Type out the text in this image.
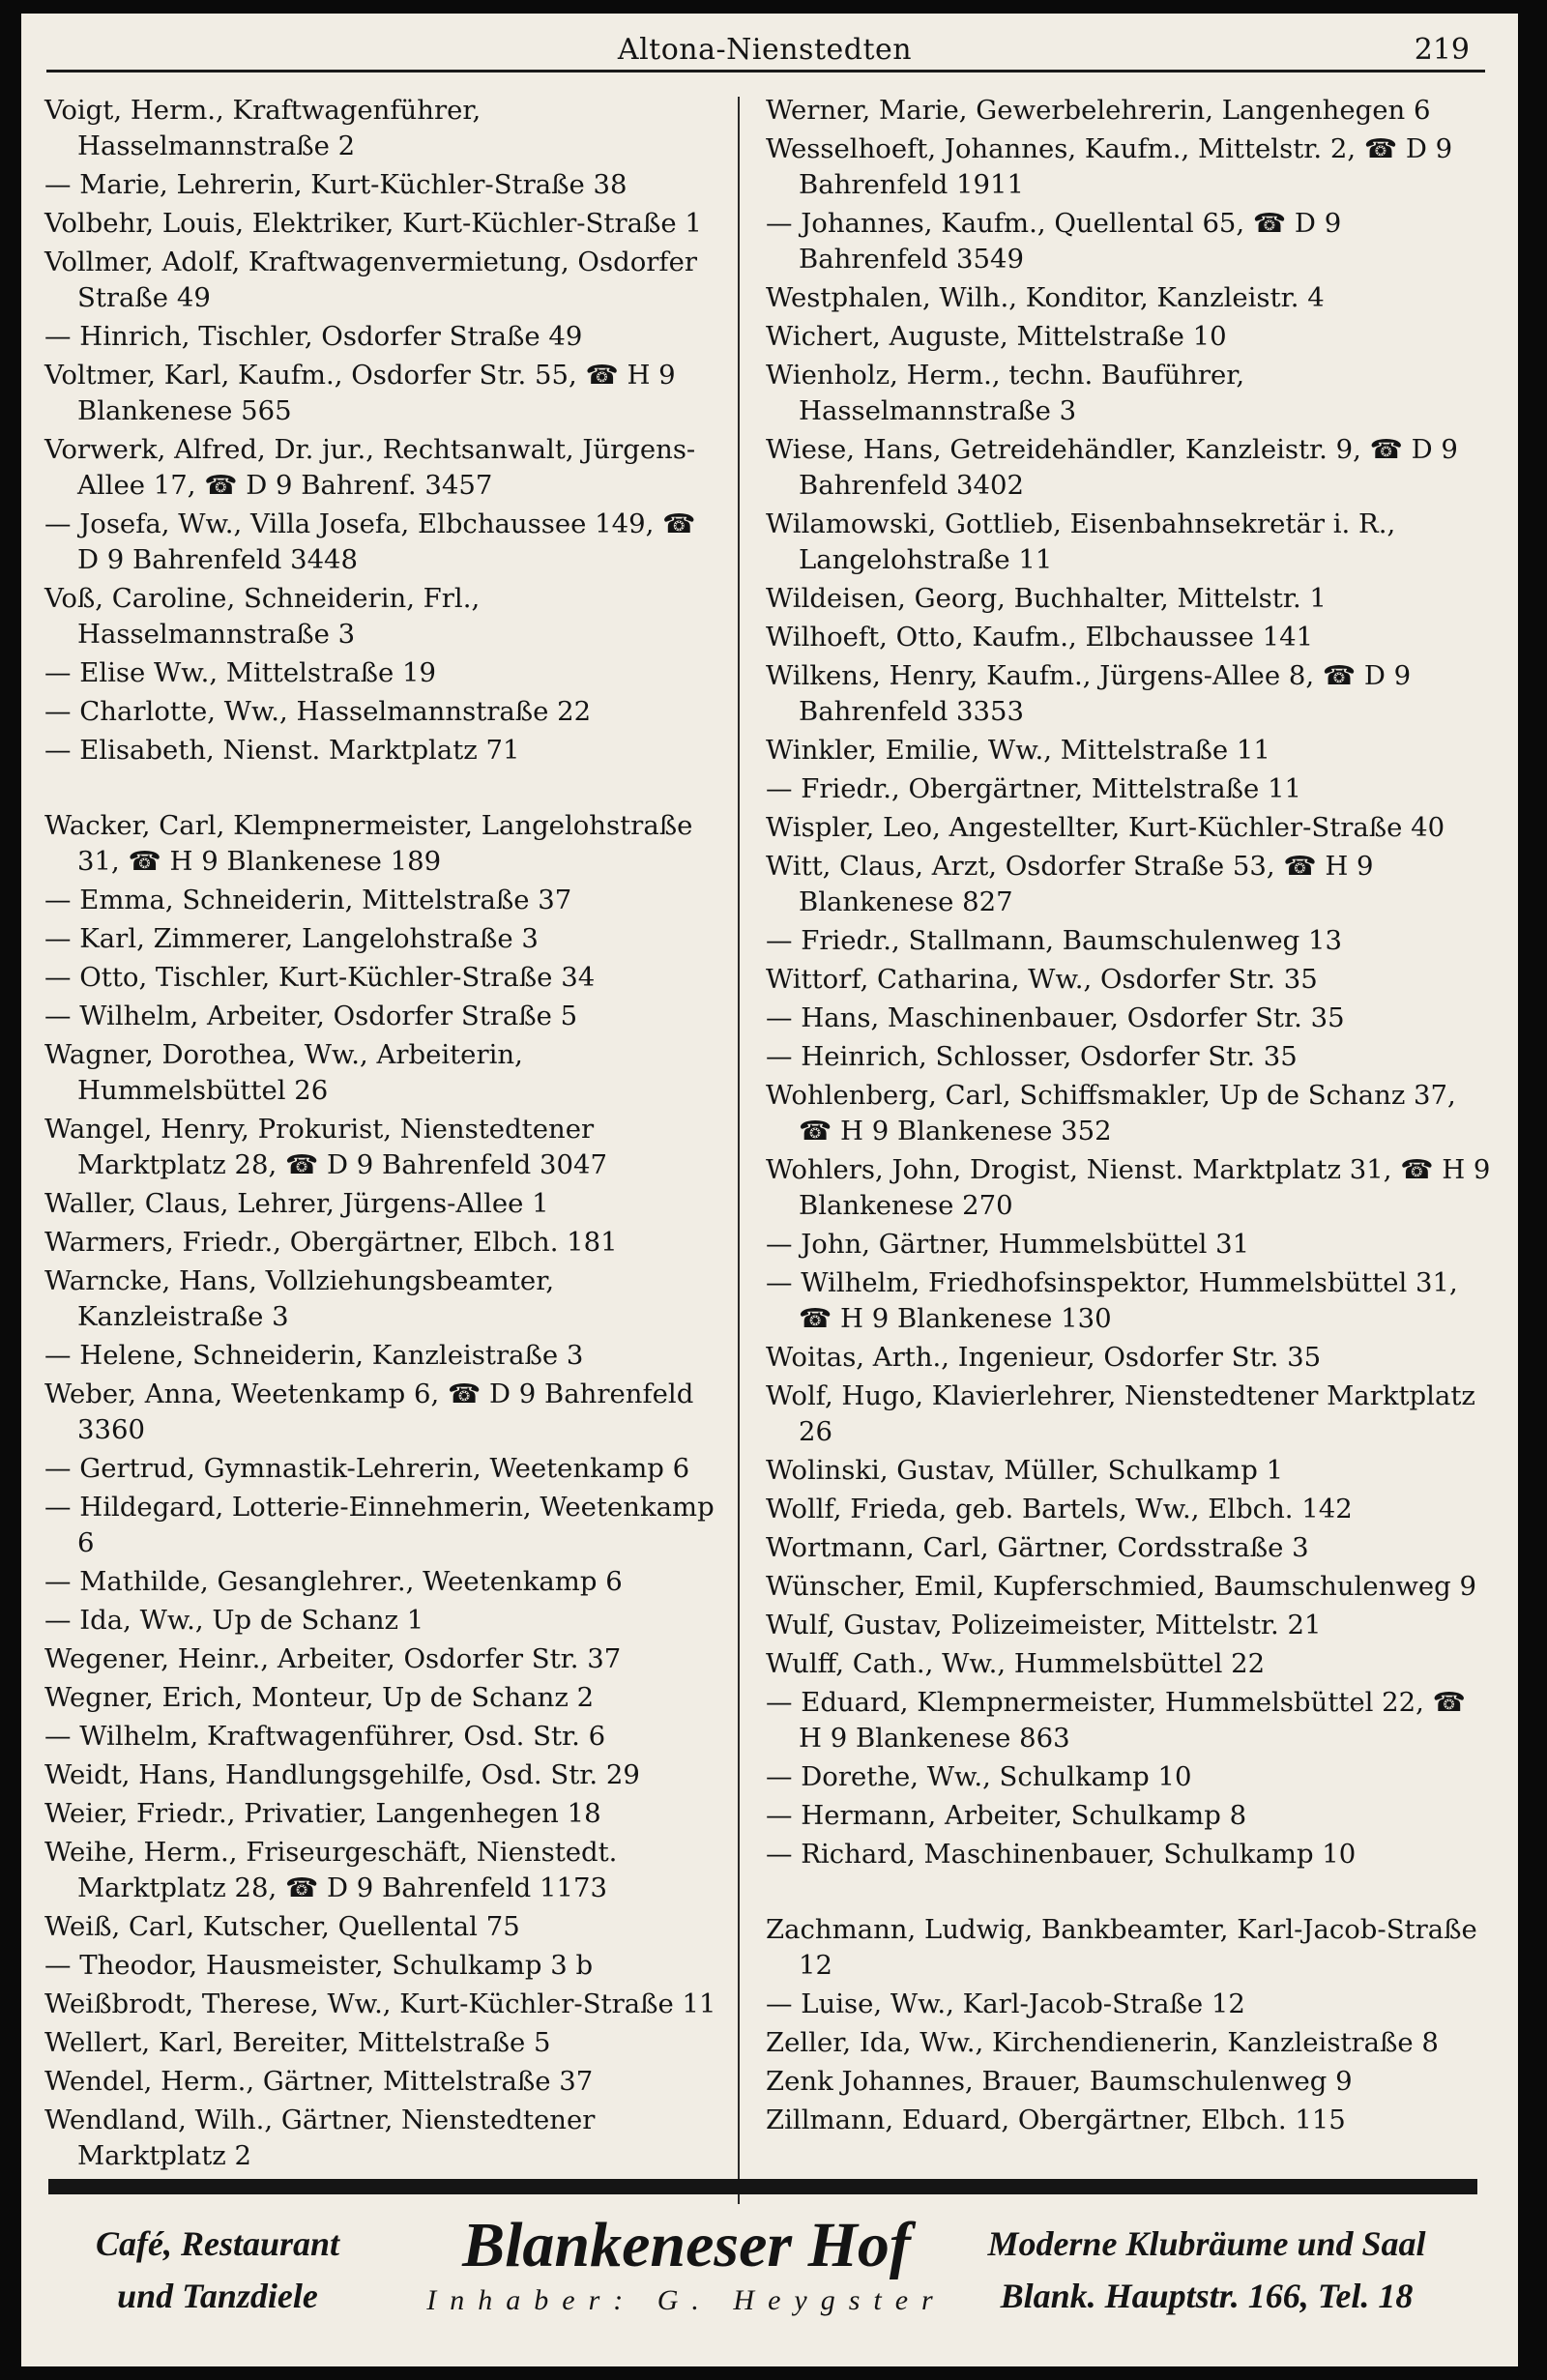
Altona-Nienstedten	219
Voigt, Herm., Kraftwagenführer, Hasselmannstraße 2
— Marie, Lehrerin, Kurt-Küchler-Straße 38
Volbehr, Louis, Elektriker, Kurt-Küchler-Straße 1
Vollmer, Adolf, Kraftwagenvermietung, Osdorfer Straße 49
— Hinrich, Tischler, Osdorfer Straße 49
Voltmer, Karl, Kaufm., Osdorfer Str. 55, ☎ H 9 Blankenese 565
Vorwerk, Alfred, Dr. jur., Rechtsanwalt, Jürgens-Allee 17, ☎ D 9 Bahrenf. 3457
— Josefa, Ww., Villa Josefa, Elbchaussee 149, ☎ D 9 Bahrenfeld 3448
Voß, Caroline, Schneiderin, Frl., Hasselmannstraße 3
— Elise Ww., Mittelstraße 19
— Charlotte, Ww., Hasselmannstraße 22
— Elisabeth, Nienst. Marktplatz 71
Wacker, Carl, Klempnermeister, Langelohstraße 31, ☎ H 9 Blankenese 189
— Emma, Schneiderin, Mittelstraße 37
— Karl, Zimmerer, Langelohstraße 3
— Otto, Tischler, Kurt-Küchler-Straße 34
— Wilhelm, Arbeiter, Osdorfer Straße 5
Wagner, Dorothea, Ww., Arbeiterin, Hummelsbüttel 26
Wangel, Henry, Prokurist, Nienstedtener Marktplatz 28, ☎ D 9 Bahrenfeld 3047
Waller, Claus, Lehrer, Jürgens-Allee 1
Warmers, Friedr., Obergärtner, Elbch. 181
Warncke, Hans, Vollziehungsbeamter, Kanzleistraße 3
— Helene, Schneiderin, Kanzleistraße 3
Weber, Anna, Weetenkamp 6, ☎ D 9 Bahrenfeld 3360
— Gertrud, Gymnastik-Lehrerin, Weetenkamp 6
— Hildegard, Lotterie-Einnehmerin, Weetenkamp 6
— Mathilde, Gesanglehrer., Weetenkamp 6
— Ida, Ww., Up de Schanz 1
Wegener, Heinr., Arbeiter, Osdorfer Str. 37
Wegner, Erich, Monteur, Up de Schanz 2
— Wilhelm, Kraftwagenführer, Osd. Str. 6
Weidt, Hans, Handlungsgehilfe, Osd. Str. 29
Weier, Friedr., Privatier, Langenhegen 18
Weihe, Herm., Friseurgeschäft, Nienstedt. Marktplatz 28, ☎ D 9 Bahrenfeld 1173
Weiß, Carl, Kutscher, Quellental 75
— Theodor, Hausmeister, Schulkamp 3 b
Weißbrodt, Therese, Ww., Kurt-Küchler-Straße 11
Wellert, Karl, Bereiter, Mittelstraße 5
Wendel, Herm., Gärtner, Mittelstraße 37
Wendland, Wilh., Gärtner, Nienstedtener Marktplatz 2
Werner, Marie, Gewerbelehrerin, Langenhegen 6
Wesselhoeft, Johannes, Kaufm., Mittelstr. 2, ☎ D 9 Bahrenfeld 1911
— Johannes, Kaufm., Quellental 65, ☎ D 9 Bahrenfeld 3549
Westphalen, Wilh., Konditor, Kanzleistr. 4
Wichert, Auguste, Mittelstraße 10
Wienholz, Herm., techn. Bauführer, Hasselmannstraße 3
Wiese, Hans, Getreidehändler, Kanzleistr. 9, ☎ D 9 Bahrenfeld 3402
Wilamowski, Gottlieb, Eisenbahnsekretär i. R., Langelohstraße 11
Wildeisen, Georg, Buchhalter, Mittelstr. 1
Wilhoeft, Otto, Kaufm., Elbchaussee 141
Wilkens, Henry, Kaufm., Jürgens-Allee 8, ☎ D 9 Bahrenfeld 3353
Winkler, Emilie, Ww., Mittelstraße 11
— Friedr., Obergärtner, Mittelstraße 11
Wispler, Leo, Angestellter, Kurt-Küchler-Straße 40
Witt, Claus, Arzt, Osdorfer Straße 53, ☎ H 9 Blankenese 827
— Friedr., Stallmann, Baumschulenweg 13
Wittorf, Catharina, Ww., Osdorfer Str. 35
— Hans, Maschinenbauer, Osdorfer Str. 35
— Heinrich, Schlosser, Osdorfer Str. 35
Wohlenberg, Carl, Schiffsmakler, Up de Schanz 37, ☎ H 9 Blankenese 352
Wohlers, John, Drogist, Nienst. Marktplatz 31, ☎ H 9 Blankenese 270
— John, Gärtner, Hummelsbüttel 31
— Wilhelm, Friedhofsinspektor, Hummelsbüttel 31, ☎ H 9 Blankenese 130
Woitas, Arth., Ingenieur, Osdorfer Str. 35
Wolf, Hugo, Klavierlehrer, Nienstedtener Marktplatz 26
Wolinski, Gustav, Müller, Schulkamp 1
Wollf, Frieda, geb. Bartels, Ww., Elbch. 142
Wortmann, Carl, Gärtner, Cordsstraße 3
Wünscher, Emil, Kupferschmied, Baumschulenweg 9
Wulf, Gustav, Polizeimeister, Mittelstr. 21
Wulff, Cath., Ww., Hummelsbüttel 22
— Eduard, Klempnermeister, Hummelsbüttel 22, ☎ H 9 Blankenese 863
— Dorethe, Ww., Schulkamp 10
— Hermann, Arbeiter, Schulkamp 8
— Richard, Maschinenbauer, Schulkamp 10
Zachmann, Ludwig, Bankbeamter, Karl-Jacob-Straße 12
— Luise, Ww., Karl-Jacob-Straße 12
Zeller, Ida, Ww., Kirchendienerin, Kanzleistraße 8
Zenk Johannes, Brauer, Baumschulenweg 9
Zillmann, Eduard, Obergärtner, Elbch. 115
Café, Restaurant
und Tanzdiele
Blankeneser Hof
Inhaber: G. Heygster
Moderne Klubräume und Saal
Blank. Hauptstr. 166, Tel. 18
